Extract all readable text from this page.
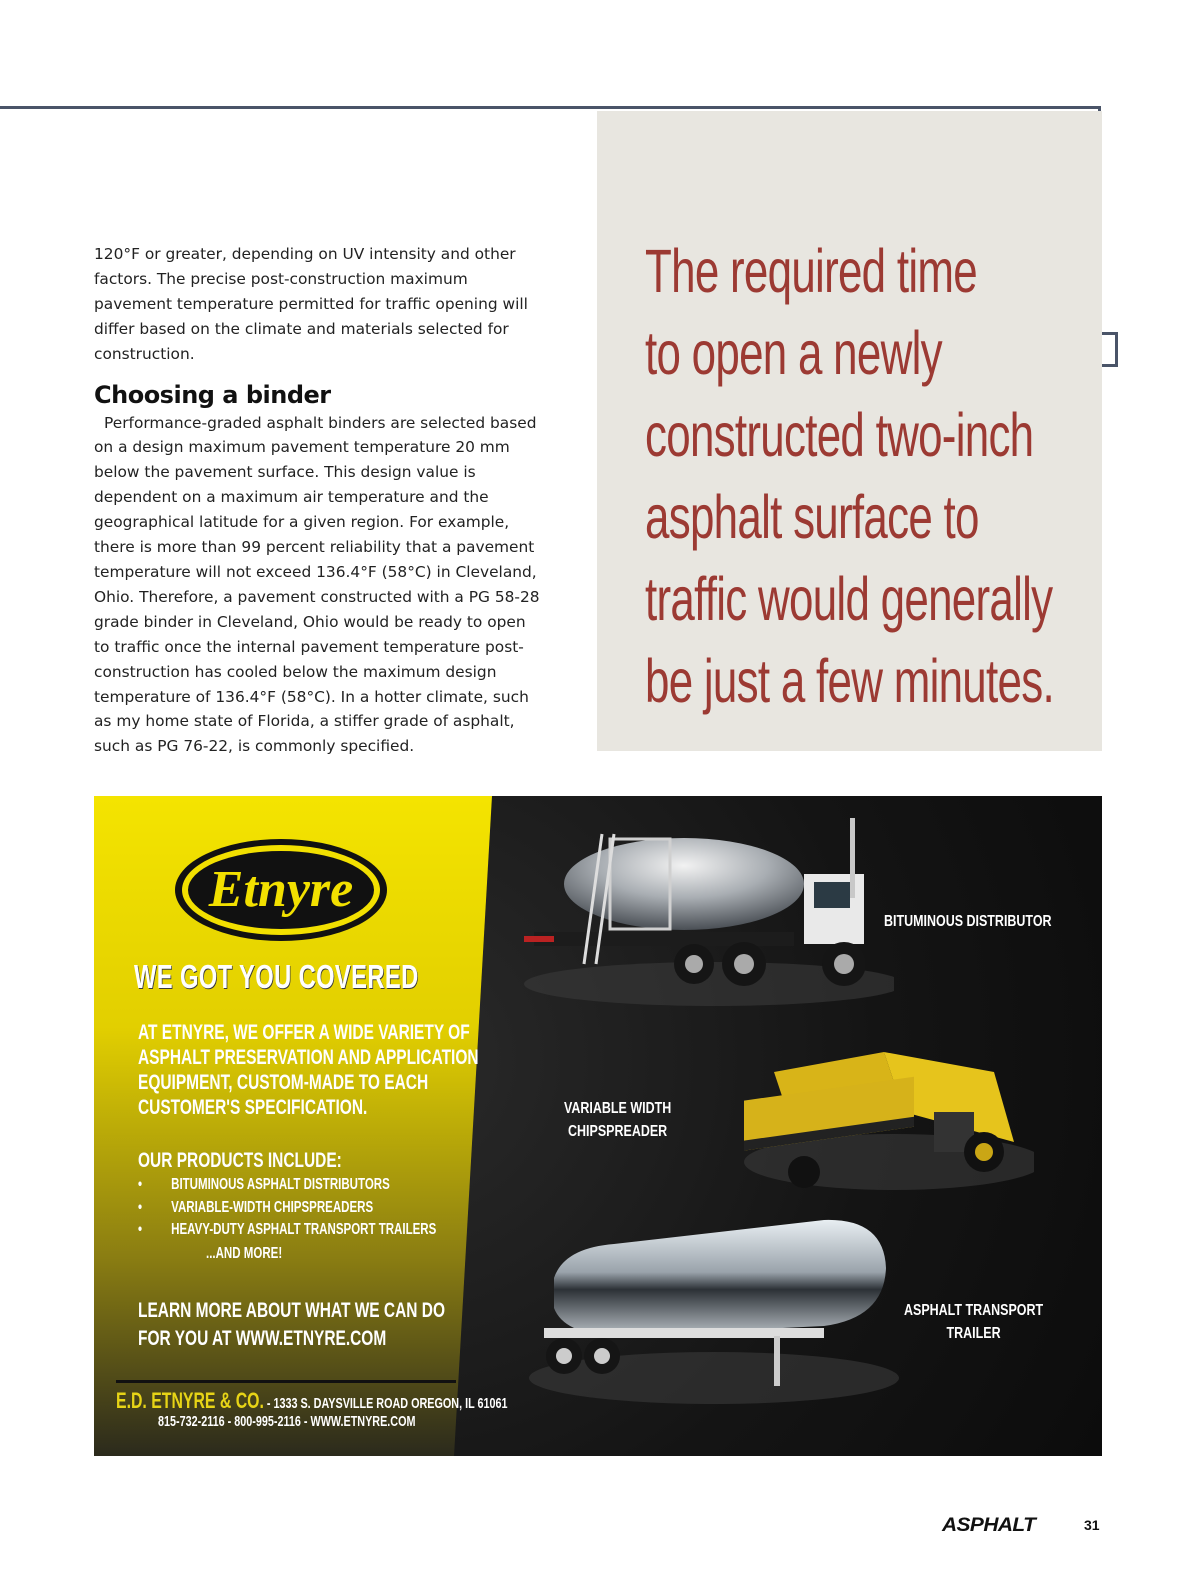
The required time
to open a newly
constructed two-inch
asphalt surface to
traffic would generally
be just a few minutes.

120°F or greater, depending on UV intensity and other factors. The precise post-construction maximum pavement temperature permitted for traffic opening will differ based on the climate and materials selected for construction.

Choosing a binder

Performance-graded asphalt binders are selected based on a design maximum pavement temperature 20 mm below the pavement surface. This design value is dependent on a maximum air temperature and the geographical latitude for a given region. For example, there is more than 99 percent reliability that a pavement temperature will not exceed 136.4°F (58°C) in Cleveland, Ohio. Therefore, a pavement constructed with a PG 58-28 grade binder in Cleveland, Ohio would be ready to open to traffic once the internal pavement temperature post-construction has cooled below the maximum design temperature of 136.4°F (58°C). In a hotter climate, such as my home state of Florida, a stiffer grade of asphalt, such as PG 76-22, is commonly specified.

Etnyre
WE GOT YOU COVERED
AT ETNYRE, WE OFFER A WIDE VARIETY OF
ASPHALT PRESERVATION AND APPLICATION
EQUIPMENT, CUSTOM-MADE TO EACH
CUSTOMER'S SPECIFICATION.
OUR PRODUCTS INCLUDE:
• BITUMINOUS ASPHALT DISTRIBUTORS
• VARIABLE-WIDTH CHIPSPREADERS
• HEAVY-DUTY ASPHALT TRANSPORT TRAILERS
...AND MORE!
LEARN MORE ABOUT WHAT WE CAN DO
FOR YOU AT WWW.ETNYRE.COM
E.D. ETNYRE & CO. - 1333 S. DAYSVILLE ROAD OREGON, IL 61061
815-732-2116 - 800-995-2116 - WWW.ETNYRE.COM
BITUMINOUS DISTRIBUTOR
VARIABLE WIDTH
CHIPSPREADER
ASPHALT TRANSPORT
TRAILER
ASPHALT	31
